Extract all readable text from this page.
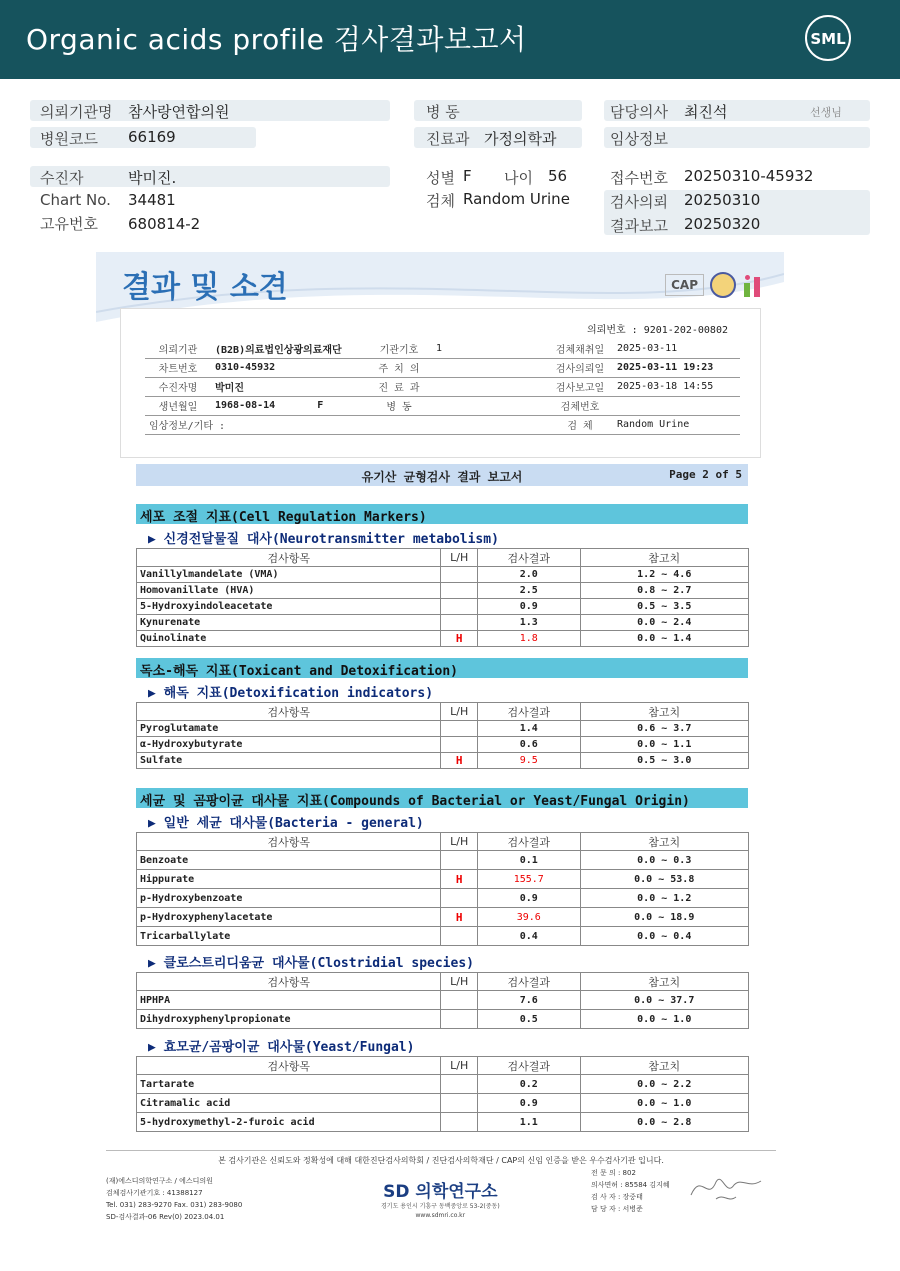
Organic acids profile 검사결과보고서	SML
의뢰기관명 참사랑연합의원
병원코드 66169
병 동
진료과 가정의학과
담당의사 최진석	선생님
임상정보
수진자	박미진.
Chart No. 34481
고유번호 680814-2
성별 F 나이 56
검체 Random Urine
접수번호 20250310-45932
검사의뢰 20250310
결과보고 20250320
결과 및 소견	CAP
의뢰번호 : 9201-202-00802
의뢰기관	(B2B)의료법인상광의료재단	기관기호	1	검체채취일	2025-03-11
차트번호	0310-45932	주 치 의		검사의뢰일	2025-03-11 19:23
수진자명	박미진	진 료 과		검사보고일	2025-03-18 14:55
생년월일	1968-08-14 F	병 동		검체번호	
임상정보/기타 :				검 체	Random Urine
유기산 균형검사 결과 보고서	Page 2 of 5
세포 조절 지표(Cell Regulation Markers)
▶ 신경전달물질 대사(Neurotransmitter metabolism)
검사항목	L/H	검사결과	참고치
Vanillylmandelate (VMA)		2.0	1.2 ~ 4.6
Homovanillate (HVA)		2.5	0.8 ~ 2.7
5-Hydroxyindoleacetate		0.9	0.5 ~ 3.5
Kynurenate		1.3	0.0 ~ 2.4
Quinolinate	H	1.8	0.0 ~ 1.4
독소-해독 지표(Toxicant and Detoxification)
▶ 해독 지표(Detoxification indicators)
검사항목	L/H	검사결과	참고치
Pyroglutamate		1.4	0.6 ~ 3.7
α-Hydroxybutyrate		0.6	0.0 ~ 1.1
Sulfate	H	9.5	0.5 ~ 3.0
세균 및 곰팡이균 대사물 지표(Compounds of Bacterial or Yeast/Fungal Origin)
▶ 일반 세균 대사물(Bacteria - general)
검사항목	L/H	검사결과	참고치
Benzoate		0.1	0.0 ~ 0.3
Hippurate	H	155.7	0.0 ~ 53.8
p-Hydroxybenzoate		0.9	0.0 ~ 1.2
p-Hydroxyphenylacetate	H	39.6	0.0 ~ 18.9
Tricarballylate		0.4	0.0 ~ 0.4
▶ 클로스트리디움균 대사물(Clostridial species)
검사항목	L/H	검사결과	참고치
HPHPA		7.6	0.0 ~ 37.7
Dihydroxyphenylpropionate		0.5	0.0 ~ 1.0
▶ 효모균/곰팡이균 대사물(Yeast/Fungal)
검사항목	L/H	검사결과	참고치
Tartarate		0.2	0.0 ~ 2.2
Citramalic acid		0.9	0.0 ~ 1.0
5-hydroxymethyl-2-furoic acid		1.1	0.0 ~ 2.8
본 검사기관은 신뢰도와 정확성에 대해 대한진단검사의학회 / 진단검사의학재단 / CAP의 신임 인증을 받은 우수검사기관 입니다.
(재)에스디의학연구소 / 에스디의원
검체검사기관기호 : 41388127
Tel. 031) 283-9270 Fax. 031) 283-9080
SD-검사결과-06 Rev(0) 2023.04.01
SD 의학연구소
경기도 용인시 기흥구 동백중앙로 53-2(중동)
www.sdmri.co.kr
전 문 의 : 802
의사면허 : 85584 김지혜
검 사 자 : 장중태
담 당 자 : 서병준
